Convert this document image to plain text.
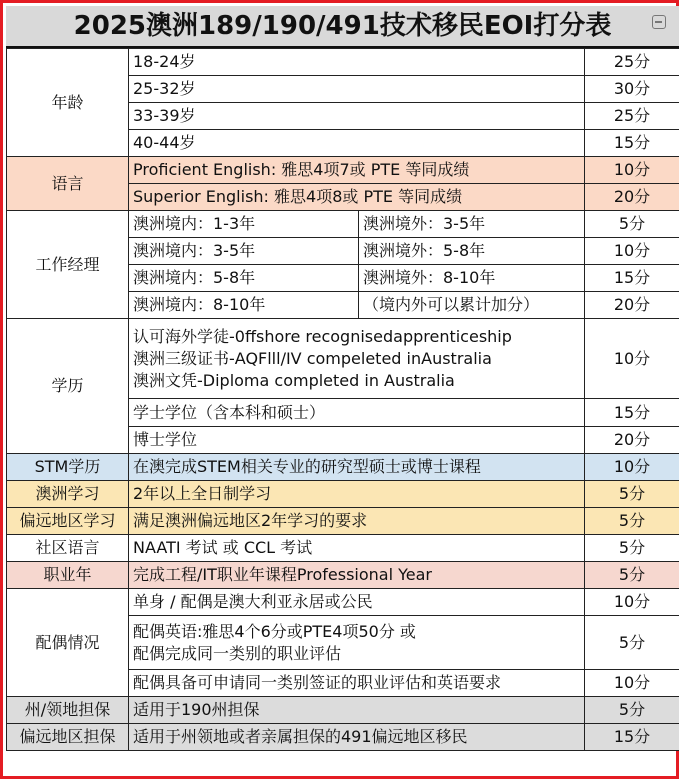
2025澳洲189/190/491技术移民EOI打分表
年龄	18-24岁		25分
	25-32岁		30分
	33-39岁		25分
	40-44岁		15分
语言	Proficient English: 雅思4项7或 PTE 等同成绩		10分
	Superior English: 雅思4项8或 PTE 等同成绩		20分
工作经理	澳洲境内：1-3年	澳洲境外：3-5年	5分
	澳洲境内：3-5年	澳洲境外：5-8年	10分
	澳洲境内：5-8年	澳洲境外：8-10年	15分
	澳洲境内：8-10年	（境内外可以累计加分）	20分
学历	认可海外学徒-0ffshore recognisedapprenticeship
澳洲三级证书-AQFlll/IV compeleted inAustralia
澳洲文凭-Diploma completed in Australia		10分
	学士学位（含本科和硕士）		15分
	博士学位		20分
STM学历	在澳完成STEM相关专业的研究型硕士或博士课程		10分
澳洲学习	2年以上全日制学习		5分
偏远地区学习	满足澳洲偏远地区2年学习的要求		5分
社区语言	NAATI 考试 或 CCL 考试		5分
职业年	完成工程/IT职业年课程Professional Year		5分
配偶情况	单身 / 配偶是澳大利亚永居或公民		10分

	配偶英语:雅思4个6分或PTE4项50分 或
配偶完成同一类别的职业评估		5分
	配偶具备可申请同一类别签证的职业评估和英语要求		10分
州/领地担保	适用于190州担保		5分
偏远地区担保	适用于州领地或者亲属担保的491偏远地区移民		15分
